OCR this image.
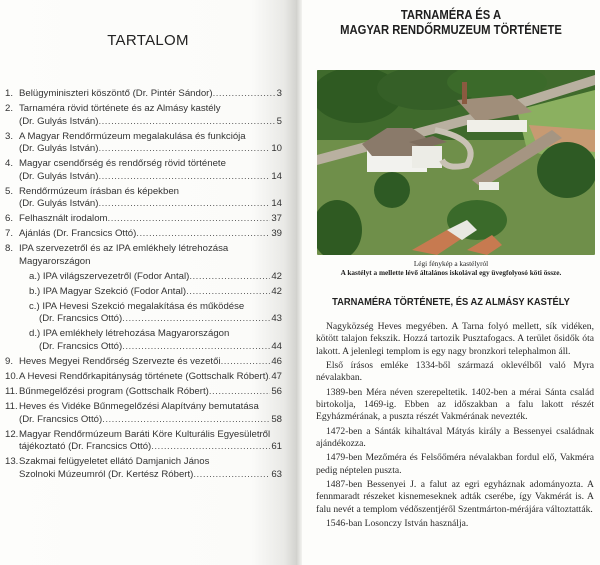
TARTALOM
1. Belügyminiszteri köszöntő (Dr. Pintér Sándor) .....	3
2. Tarnaméra rövid története és az Almásy kastély
(Dr. Gulyás István) .....	5
3. A Magyar Rendőrmúzeum megalakulása és funkciója
(Dr. Gulyás István) .....	10
4. Magyar csendőrség és rendőrség rövid története
(Dr. Gulyás István) .....	14
5. Rendőrmúzeum írásban és képekben
(Dr. Gulyás István) .....	14
6. Felhasznált irodalom .....	37
7. Ajánlás (Dr. Francsics Ottó) .....	39
8. IPA szervezetről és az IPA emlékhely létrehozása
Magyarországon
a.) IPA világszervezetről (Fodor Antal) .....	42
b.) IPA Magyar Szekció (Fodor Antal) .....	42
c.) IPA Hevesi Szekció megalakítása és működése
(Dr. Francsics Ottó) .....	43
d.) IPA emlékhely létrehozása Magyarországon
(Dr. Francsics Ottó) .....	44
9. Heves Megyei Rendőrség Szervezte és vezetői .....	46
10. A Hevesi Rendőrkapitányság története (Gottschalk Róbert) ..... 47
11. Bűnmegelőzési program (Gottschalk Róbert) .....	56
11. Heves és Vidéke Bűnmegelőzési Alapítvány bemutatása
(Dr. Francsics Ottó) .....	58
12. Magyar Rendőrmúzeum Baráti Köre Kulturális Egyesületről
tájékoztató (Dr. Francsics Ottó) .....	61
13. Szakmai felügyeletet ellátó Damjanich János
Szolnoki Múzeumról (Dr. Kertész Róbert) .....	63
TARNAMÉRA ÉS A
MAGYAR RENDŐRMUZEUM TÖRTÉNETE
Légi fénykép a kastélyról
A kastélyt a mellette lévő általános iskolával egy üvegfolyosó köti össze.
TARNAMÉRA TÖRTÉNETE, ÉS AZ ALMÁSY KASTÉLY

Nagyközség Heves megyében. A Tarna folyó mellett, sík vidéken, kötött talajon fekszik. Hozzá tartozik Pusztafogacs. A terület ősidők óta lakott. A jelenlegi templom is egy nagy bronzkori telephalmon áll.

Első írásos emléke 1334-ből származá oklevélből való Myra névalakban.

1389-ben Méra néven szerepeltetik. 1402-ben a mérai Sánta család birtokolja, 1469-ig. Ebben az időszakban a falu lakott részét Egyházmérának, a puszta részét Vakmérának nevezték.

1472-ben a Sánták kihaltával Mátyás király a Bessenyei családnak ajándékozza.

1479-ben Mezőméra és Felsőőméra névalakban fordul elő, Vakméra pedig néptelen puszta.

1487-ben Bessenyei J. a falut az egri egyháznak adományozta. A fennmaradt részeket kisnemeseknek adták cserébe, így Vakmérát is. A falu nevét a templom védőszentjéről Szentmárton-mérájára változtatták.

1546-ban Losonczy István használja.
